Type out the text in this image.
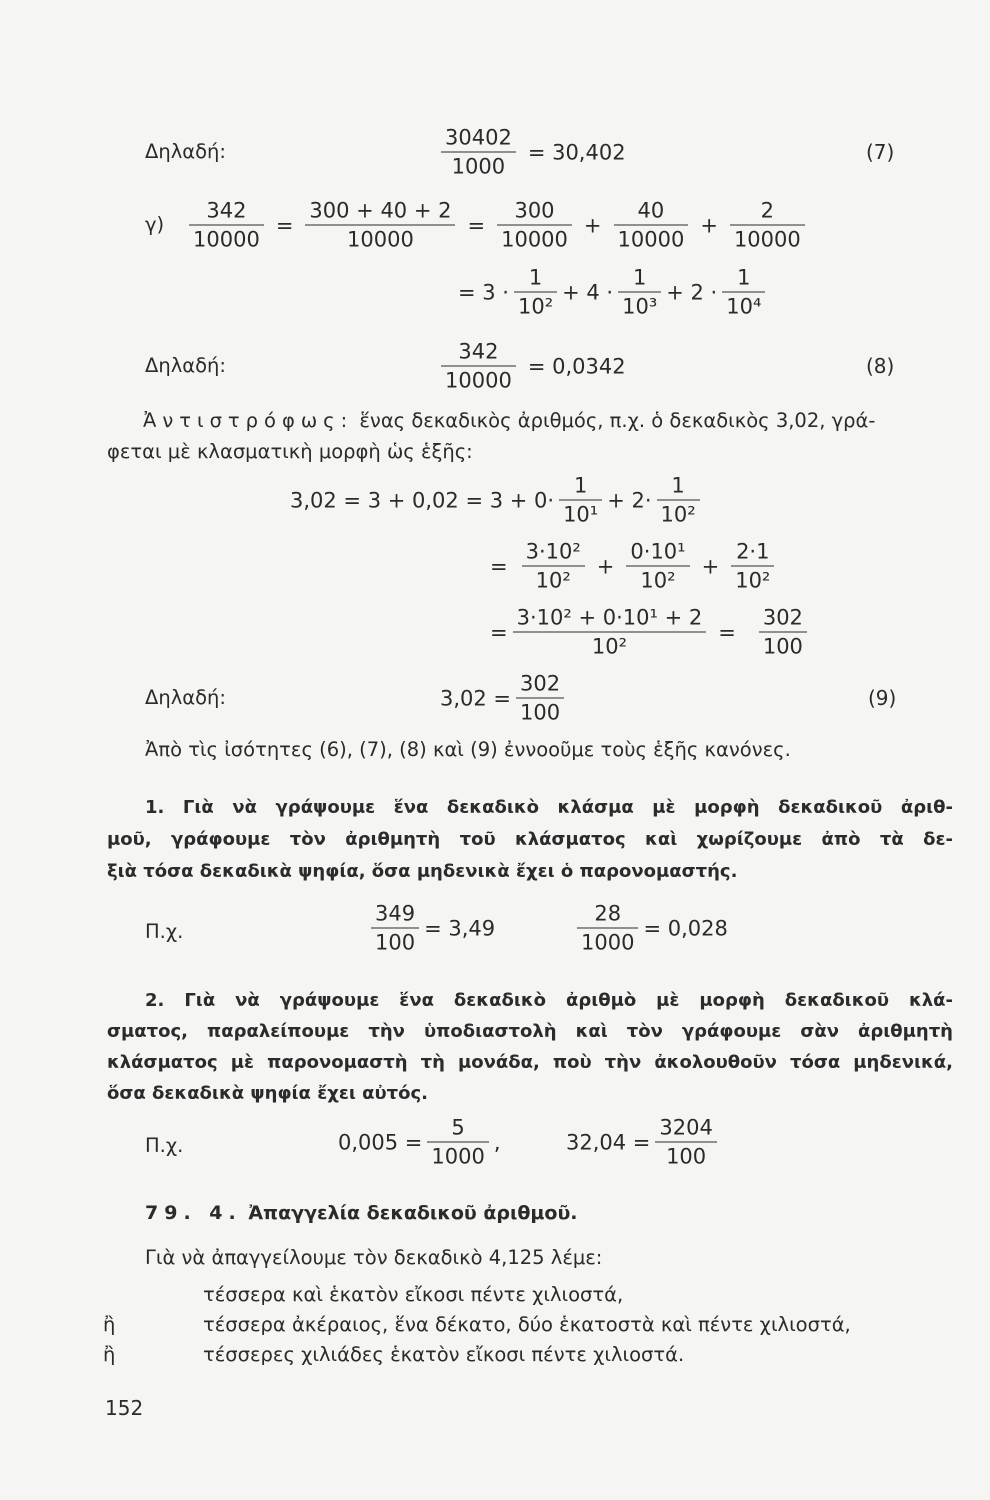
Δηλαδή:	$\frac{30402}{1000} = 30,402$	(7)
$\gamma) \frac{342}{10000} = \frac{300 + 40 + 2}{10000} = \frac{300}{10000} + \frac{40}{10000} + \frac{2}{10000}$
= $3 \cdot \frac{1}{\text{10²}} + 4 \cdot \frac{1}{\text{10³}} + 2 \cdot \frac{1}{\text{10⁴}}$
Δηλαδή:	$\frac{342}{10000} = 0,0342$	(8)
Ἀντιστρόφως:
ἕνας δεκαδικὸς ἀριθμός, π.χ. ὁ δεκαδικὸς 3,02, γρά-
φεται μὲ κλασματικὴ μορφὴ ὡς ἑξῆς:
$3,02 = 3 + 0,02 = 3 + 0\cdot \frac{1}{\text{10¹}} + 2\cdot \frac{1}{\text{10²}}$
= $\frac{\text{3·10²}}{\text{10²}} + \frac{\text{0·10¹}}{\text{10²}} + \frac{2\cdot 1}{\text{10²}}$
= $\frac{\text{3·10² + 0·10¹ + 2}}{\text{10²}} = \frac{302}{100}$
Δηλαδή:	$3,02 = \frac{302}{100}$	(9)
Ἀπὸ τὶς ἰσότητες (6), (7), (8) καὶ (9) ἐννοοῦμε τοὺς ἑξῆς κανόνες.
1. Γιὰ νὰ γράψουμε ἕνα δεκαδικὸ κλάσμα μὲ μορφὴ δεκαδικοῦ ἀριθ-
μοῦ, γράφουμε τὸν ἀριθμητὴ τοῦ κλάσματος καὶ χωρίζουμε ἀπὸ τὰ δε-
ξιὰ τόσα δεκαδικὰ ψηφία, ὅσα μηδενικὰ ἔχει ὁ παρονομαστής.
Π.χ.	$\frac{349}{100} = 3,49$	$\frac{28}{1000} = 0,028$
2. Γιὰ νὰ γράψουμε ἕνα δεκαδικὸ ἀριθμὸ μὲ μορφὴ δεκαδικοῦ κλά-
σματος, παραλείπουμε τὴν ὑποδιαστολὴ καὶ τὸν γράφουμε σὰν ἀριθμητὴ
κλάσματος μὲ παρονομαστὴ τὴ μονάδα, ποὺ τὴν ἀκολουθοῦν τόσα μηδενικά,
ὅσα δεκαδικὰ ψηφία ἔχει αὐτός.
Π.χ.	$0,005 = \frac{5}{1000}$ ,	$32,04 = \frac{3204}{100}$
79. 4.
Ἀπαγγελία δεκαδικοῦ ἀριθμοῦ.
Γιὰ νὰ ἀπαγγείλουμε τὸν δεκαδικὸ 4,125 λέμε:
τέσσερα καὶ ἑκατὸν εἴκοσι πέντε χιλιοστά,
ἢ	τέσσερα ἀκέραιος, ἕνα δέκατο, δύο ἑκατοστὰ καὶ πέντε χιλιοστά,
ἢ	τέσσερες χιλιάδες ἑκατὸν εἴκοσι πέντε χιλιοστά.
152
